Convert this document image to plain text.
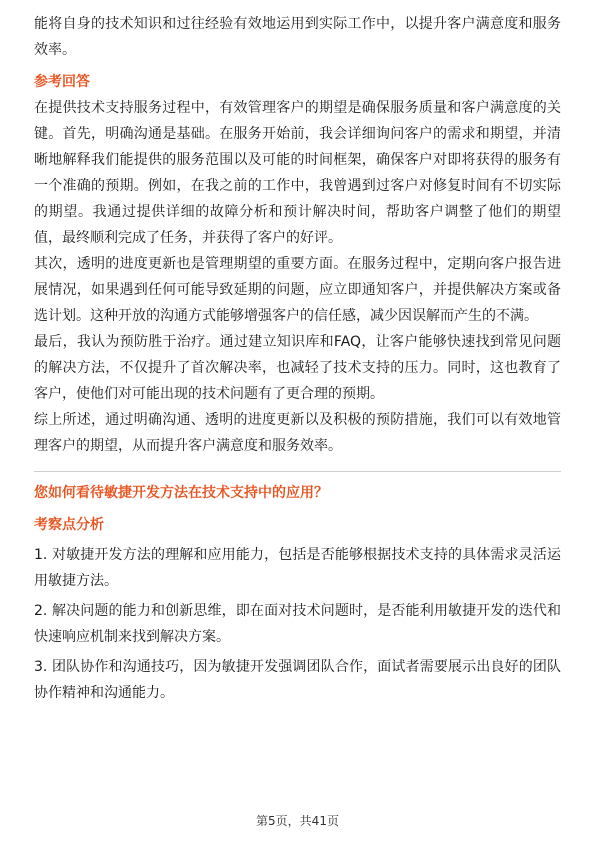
能将自身的技术知识和过往经验有效地运用到实际工作中，以提升客户满意度和服务效率。

参考回答

在提供技术支持服务过程中，有效管理客户的期望是确保服务质量和客户满意度的关键。首先，明确沟通是基础。在服务开始前，我会详细询问客户的需求和期望，并清晰地解释我们能提供的服务范围以及可能的时间框架，确保客户对即将获得的服务有一个准确的预期。例如，在我之前的工作中，我曾遇到过客户对修复时间有不切实际的期望。我通过提供详细的故障分析和预计解决时间，帮助客户调整了他们的期望值，最终顺利完成了任务，并获得了客户的好评。

其次，透明的进度更新也是管理期望的重要方面。在服务过程中，定期向客户报告进展情况，如果遇到任何可能导致延期的问题，应立即通知客户，并提供解决方案或备选计划。这种开放的沟通方式能够增强客户的信任感，减少因误解而产生的不满。

最后，我认为预防胜于治疗。通过建立知识库和FAQ，让客户能够快速找到常见问题的解决方法，不仅提升了首次解决率，也减轻了技术支持的压力。同时，这也教育了客户，使他们对可能出现的技术问题有了更合理的预期。

综上所述，通过明确沟通、透明的进度更新以及积极的预防措施，我们可以有效地管理客户的期望，从而提升客户满意度和服务效率。

您如何看待敏捷开发方法在技术支持中的应用？
考察点分析

1. 对敏捷开发方法的理解和应用能力，包括是否能够根据技术支持的具体需求灵活运用敏捷方法。

2. 解决问题的能力和创新思维，即在面对技术问题时，是否能利用敏捷开发的迭代和快速响应机制来找到解决方案。

3. 团队协作和沟通技巧，因为敏捷开发强调团队合作，面试者需要展示出良好的团队协作精神和沟通能力。

第5页，共41页
